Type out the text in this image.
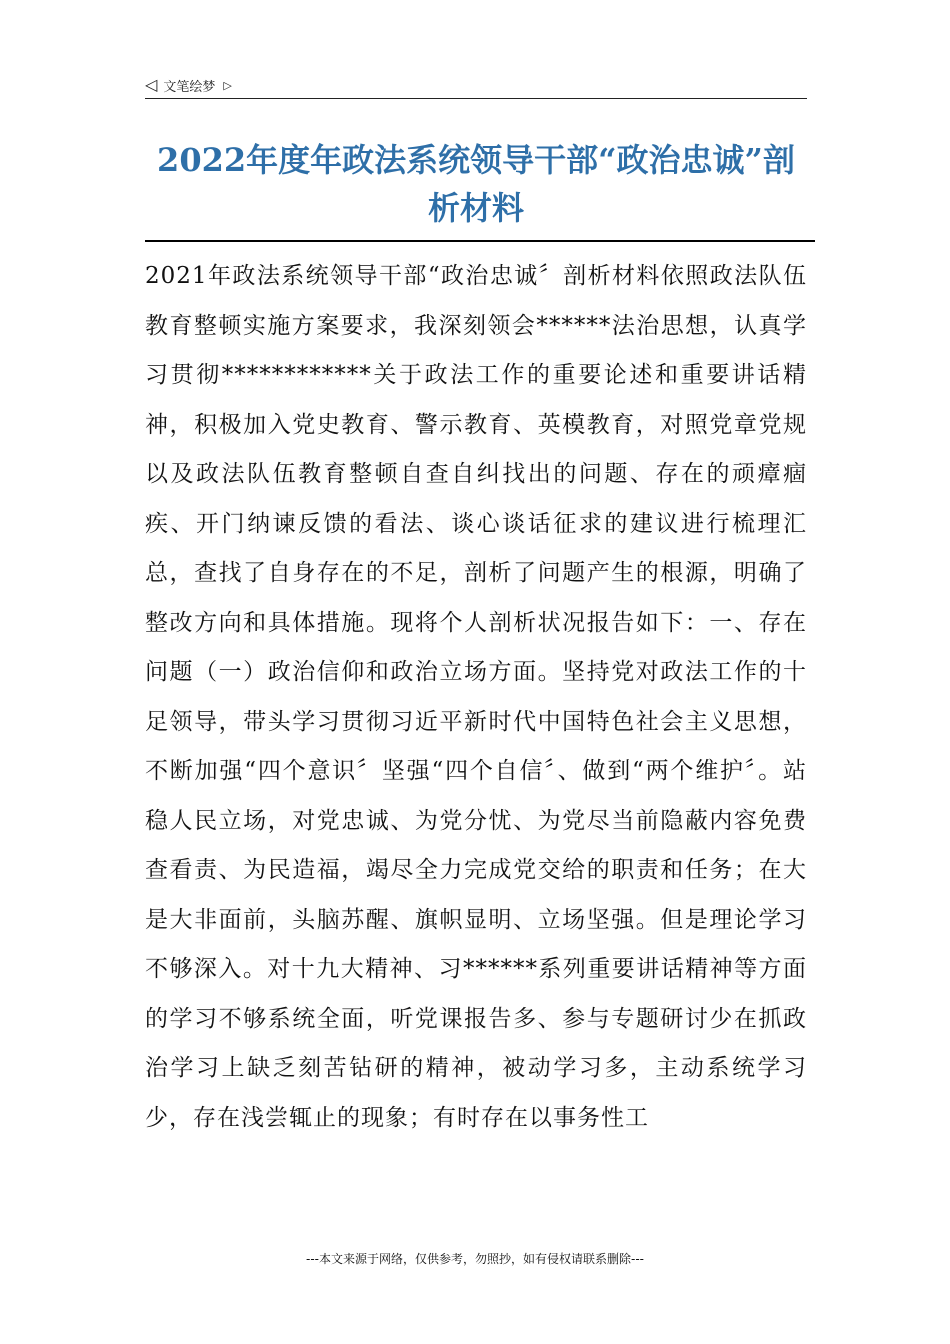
◁ 文笔绘梦 ▷
2022年度年政法系统领导干部“政治忠诚”剖析材料

2021年政法系统领导干部“政治忠诚〞剖析材料依照政法队伍教育整顿实施方案要求，我深刻领会******法治思想，认真学习贯彻************关于政法工作的重要论述和重要讲话精神，积极加入党史教育、警示教育、英模教育，对照党章党规以及政法队伍教育整顿自查自纠找出的问题、存在的顽瘴痼疾、开门纳谏反馈的看法、谈心谈话征求的建议进行梳理汇总，查找了自身存在的不足，剖析了问题产生的根源，明确了整改方向和具体措施。现将个人剖析状况报告如下：一、存在问题（一）政治信仰和政治立场方面。坚持党对政法工作的十足领导，带头学习贯彻习近平新时代中国特色社会主义思想，不断加强“四个意识〞坚强“四个自信〞、做到“两个维护〞。站稳人民立场，对党忠诚、为党分忧、为党尽当前隐蔽内容免费查看责、为民造福，竭尽全力完成党交给的职责和任务；在大是大非面前，头脑苏醒、旗帜显明、立场坚强。但是理论学习不够深入。对十九大精神、习******系列重要讲话精神等方面的学习不够系统全面，听党课报告多、参与专题研讨少在抓政治学习上缺乏刻苦钻研的精神，被动学习多，主动系统学习少，存在浅尝辄止的现象；有时存在以事务性工

---本文来源于网络，仅供参考，勿照抄，如有侵权请联系删除---
